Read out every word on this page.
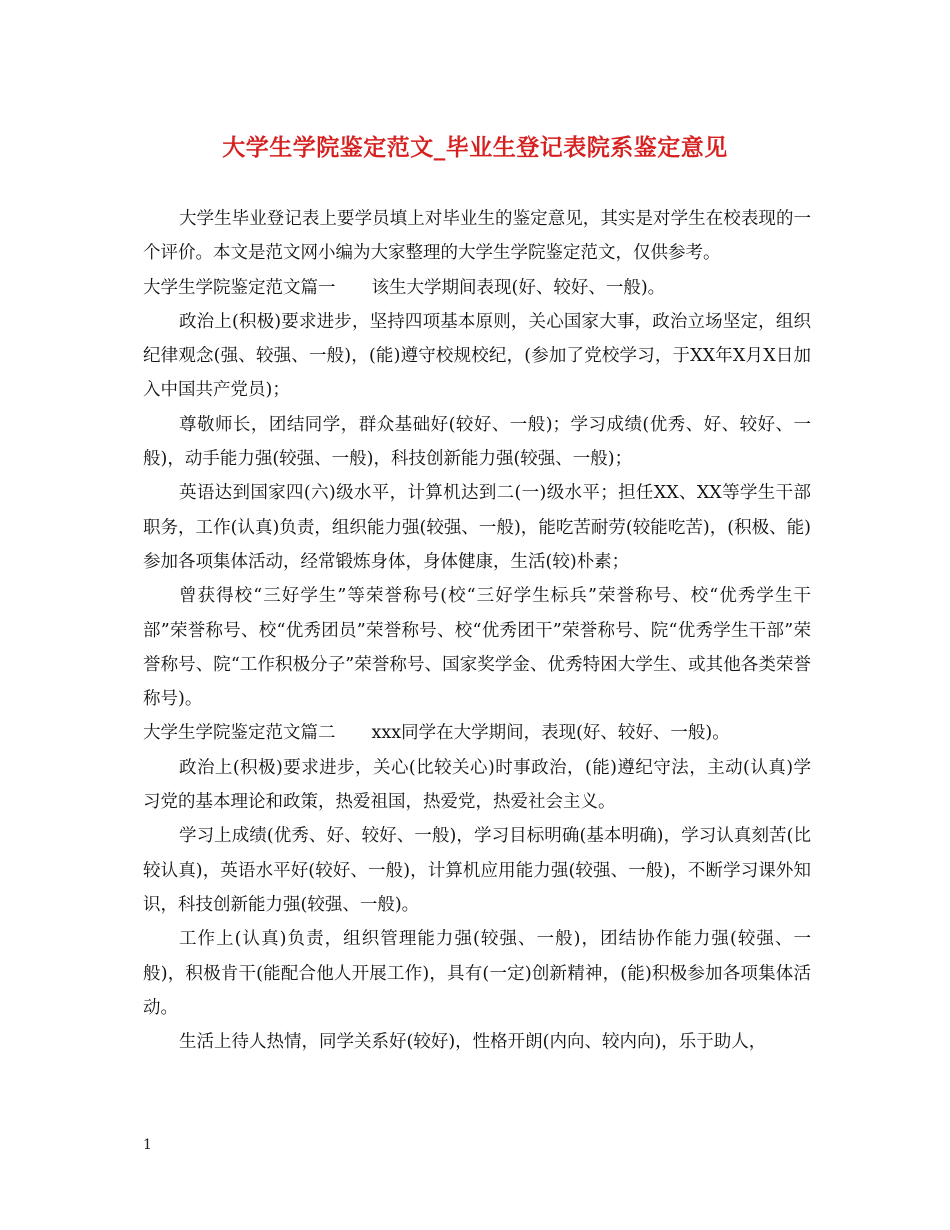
大学生学院鉴定范文_毕业生登记表院系鉴定意见

大学生毕业登记表上要学员填上对毕业生的鉴定意见，其实是对学生在校表现的一个评价。本文是范文网小编为大家整理的大学生学院鉴定范文，仅供参考。

大学生学院鉴定范文篇一 该生大学期间表现(好、较好、一般)。

政治上(积极)要求进步，坚持四项基本原则，关心国家大事，政治立场坚定，组织纪律观念(强、较强、一般)，(能)遵守校规校纪，(参加了党校学习，于XX年X月X日加入中国共产党员)；

尊敬师长，团结同学，群众基础好(较好、一般)；学习成绩(优秀、好、较好、一般)，动手能力强(较强、一般)，科技创新能力强(较强、一般)；

英语达到国家四(六)级水平，计算机达到二(一)级水平；担任XX、XX等学生干部职务，工作(认真)负责，组织能力强(较强、一般)，能吃苦耐劳(较能吃苦)，(积极、能)参加各项集体活动，经常锻炼身体，身体健康，生活(较)朴素；

曾获得校“三好学生”等荣誉称号(校“三好学生标兵”荣誉称号、校“优秀学生干部”荣誉称号、校“优秀团员”荣誉称号、校“优秀团干”荣誉称号、院“优秀学生干部”荣誉称号、院“工作积极分子”荣誉称号、国家奖学金、优秀特困大学生、或其他各类荣誉称号)。

大学生学院鉴定范文篇二 xxx同学在大学期间，表现(好、较好、一般)。

政治上(积极)要求进步，关心(比较关心)时事政治，(能)遵纪守法，主动(认真)学习党的基本理论和政策，热爱祖国，热爱党，热爱社会主义。

学习上成绩(优秀、好、较好、一般)，学习目标明确(基本明确)，学习认真刻苦(比较认真)，英语水平好(较好、一般)，计算机应用能力强(较强、一般)，不断学习课外知识，科技创新能力强(较强、一般)。

工作上(认真)负责，组织管理能力强(较强、一般)，团结协作能力强(较强、一般)，积极肯干(能配合他人开展工作)，具有(一定)创新精神，(能)积极参加各项集体活动。

生活上待人热情，同学关系好(较好)，性格开朗(内向、较内向)，乐于助人，

1
